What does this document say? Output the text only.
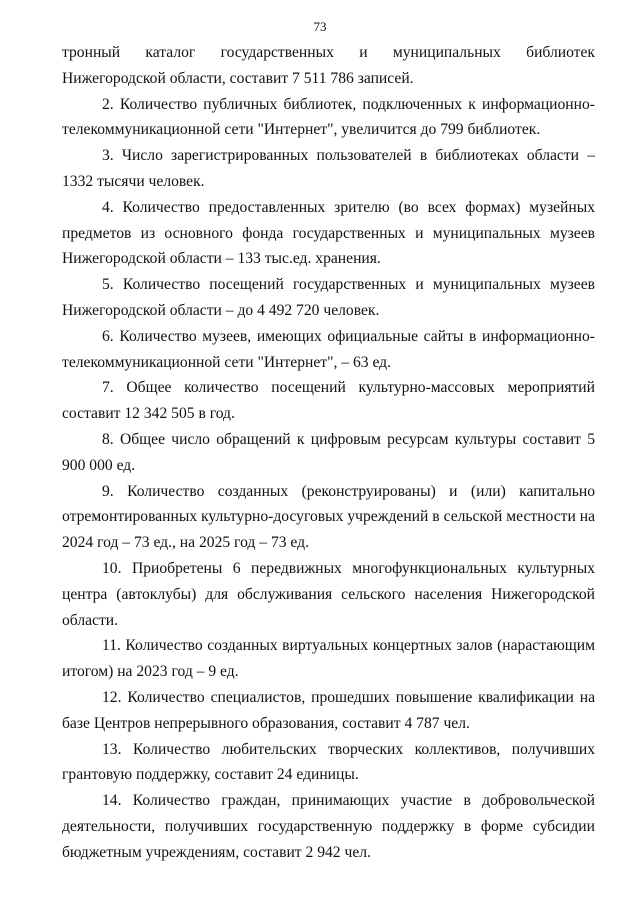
73

тронный каталог государственных и муниципальных библиотек Нижегородской области, составит 7 511 786 записей.

2. Количество публичных библиотек, подключенных к информационно-телекоммуникационной сети "Интернет", увеличится до 799 библиотек.

3. Число зарегистрированных пользователей в библиотеках области – 1332 тысячи человек.

4. Количество предоставленных зрителю (во всех формах) музейных предметов из основного фонда государственных и муниципальных музеев Нижегородской области – 133 тыс.ед. хранения.

5. Количество посещений государственных и муниципальных музеев Нижегородской области – до 4 492 720 человек.

6. Количество музеев, имеющих официальные сайты в информационно-телекоммуникационной сети "Интернет", – 63 ед.

7. Общее количество посещений культурно-массовых мероприятий составит 12 342 505 в год.

8. Общее число обращений к цифровым ресурсам культуры составит 5 900 000 ед.

9. Количество созданных (реконструированы) и (или) капитально отремонтированных культурно-досуговых учреждений в сельской местности на 2024 год – 73 ед., на 2025 год – 73 ед.

10. Приобретены 6 передвижных многофункциональных культурных центра (автоклубы) для обслуживания сельского населения Нижегородской области.

11. Количество созданных виртуальных концертных залов (нарастающим итогом) на 2023 год – 9 ед.

12. Количество специалистов, прошедших повышение квалификации на базе Центров непрерывного образования, составит 4 787 чел.

13. Количество любительских творческих коллективов, получивших грантовую поддержку, составит 24 единицы.

14. Количество граждан, принимающих участие в добровольческой деятельности, получивших государственную поддержку в форме субсидии бюджетным учреждениям, составит 2 942 чел.
